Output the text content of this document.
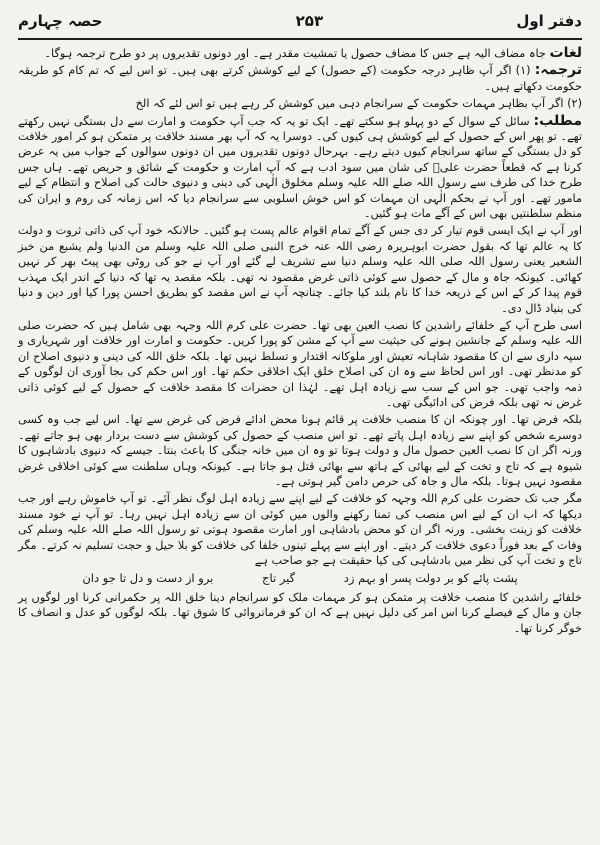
حصہ چہارم	۲۵۳	دفتر اول

لغات جاہ مضاف الیہ ہے جس کا مضاف حصول یا تمشیت مقدر ہے۔ اور دونوں تقدیروں پر دو طرح ترجمہ ہوگا۔

ترجمہ: (۱) اگر آپ ظاہر درجہ حکومت (کے حصول) کے لیے کوشش کرتے بھی ہیں۔ تو اس لیے کہ تم کام کو طریقہ حکومت دکھاتے ہیں۔

(۲) اگر آپ بظاہر مہمات حکومت کے سرانجام دہی میں کوشش کر رہے ہیں تو اس لئے کہ الخ

مطلب: سائل کے سوال کے دو پہلو ہو سکتے تھے۔ ایک تو یہ کہ جب آپ حکومت و امارت سے دل بستگی نہیں رکھتے تھے۔ تو پھر اس کے حصول کے لیے کوشش ہی کیوں کی۔ دوسرا یہ کہ آپ بھر مسند خلافت پر متمکن ہو کر امور خلافت کو دل بستگی کے ساتھ سرانجام کیوں دیتے رہے۔ بہرحال دونوں تقدیروں میں ان دونوں سوالوں کے جواب میں یہ عرض کرنا ہے کہ قطعاً حضرت علیؓ کی شان میں سود ادب ہے کہ آپ امارت و حکومت کے شائق و حریص تھے۔ ہاں جس طرح خدا کی طرف سے رسول اللہ صلے اللہ علیہ وسلم مخلوق الٰہی کی دینی و دنیوی حالت کی اصلاح و انتظام کے لیے مامور تھے۔ اور آپ نے بحکم الٰہی ان مہمات کو اس خوش اسلوبی سے سرانجام دیا کہ اس زمانہ کی روم و ایران کی منظم سلطنتیں بھی اس کے آگے مات ہو گئیں۔

اور آپ نے ایک ایسی قوم تیار کر دی جس کے آگے تمام اقوام عالم پست ہو گئیں۔ حالانکہ خود آپ کی ذاتی ثروت و دولت کا یہ عالم تھا کہ بقول حضرت ابوہریرہ رضی اللہ عنہ خرج النبی صلی اللہ علیہ وسلم من الدنیا ولم یشبع من خبز الشعیر یعنی رسول اللہ صلی اللہ علیہ وسلم دنیا سے تشریف لے گئے اور آپ نے جو کی روٹی بھی پیٹ بھر کر نہیں کھائی۔ کیونکہ جاہ و مال کے حصول سے کوئی ذاتی غرض مقصود نہ تھی۔ بلکہ مقصد یہ تھا کہ دنیا کے اندر ایک مہذب قوم پیدا کر کے اس کے ذریعہ خدا کا نام بلند کیا جائے۔ چنانچہ آپ نے اس مقصد کو بطریق احسن پورا کیا اور دین و دنیا کی بنیاد ڈال دی۔

اسی طرح آپ کے خلفائے راشدین کا نصب العین بھی تھا۔ حضرت علی کرم اللہ وجہہ بھی شامل ہیں کہ حضرت صلی اللہ علیہ وسلم کے جانشین ہونے کی حیثیت سے آپ کے مشن کو پورا کریں۔ حکومت و امارت اور خلافت اور شہریاری و سپہ داری سے ان کا مقصود شاہانہ تعیش اور ملوکانہ اقتدار و تسلط نہیں تھا۔ بلکہ خلق اللہ کی دینی و دنیوی اصلاح ان کو مدنظر تھی۔ اور اس لحاظ سے وہ ان کی اصلاح خلق ایک اخلاقی حکم تھا۔ اور اس حکم کی بجا آوری ان لوگوں کے ذمہ واجب تھی۔ جو اس کے سب سے زیادہ اہل تھے۔ لہٰذا ان حضرات کا مقصد خلافت کے حصول کے لیے کوئی ذاتی غرض نہ تھی بلکہ فرض کی ادائیگی تھی۔

بلکہ فرض تھا۔ اور چونکہ ان کا منصب خلافت پر قائم ہونا محض ادائے فرض کی غرض سے تھا۔ اس لیے جب وہ کسی دوسرے شخص کو اپنے سے زیادہ اہل پاتے تھے۔ تو اس منصب کے حصول کی کوشش سے دست بردار بھی ہو جاتے تھے۔ ورنہ اگر ان کا نصب العین حصول مال و دولت ہوتا تو وہ ان میں خانہ جنگی کا باعث بنتا۔ جیسے کہ دنیوی بادشاہوں کا شیوہ ہے کہ تاج و تخت کے لیے بھائی کے ہاتھ سے بھائی قتل ہو جاتا ہے۔ کیونکہ وہاں سلطنت سے کوئی اخلاقی غرض مقصود نہیں ہوتا۔ بلکہ مال و جاہ کی حرص دامن گیر ہوتی ہے۔

مگر جب تک حضرت علی کرم اللہ وجہہ کو خلافت کے لیے اپنے سے زیادہ اہل لوگ نظر آئے۔ تو آپ خاموش رہے اور جب دیکھا کہ اب ان کے لیے اس منصب کی تمنا رکھنے والوں میں کوئی ان سے زیادہ اہل نہیں رہا۔ تو آپ نے خود مسند خلافت کو زینت بخشی۔ ورنہ اگر ان کو محض بادشاہی اور امارت مقصود ہوتی تو رسول اللہ صلے اللہ علیہ وسلم کی وفات کے بعد فوراً دعوی خلافت کر دیتے۔ اور اپنے سے پہلے تینوں خلفا کی خلافت کو بلا حیل و حجت تسلیم نہ کرتے۔ مگر تاج و تخت آپ کی نظر میں بادشاہی کی کیا حقیقت ہے جو صاحب ہے

پشت پائے کو بر دولت پسر او بہم زد
گیر تاج
برو از دست و دل تا جو دان

خلفائے راشدین کا منصب خلافت پر متمکن ہو کر مہمات ملک کو سرانجام دینا خلق اللہ پر حکمرانی کرنا اور لوگوں پر جان و مال کے فیصلے کرنا اس امر کی دلیل نہیں ہے کہ ان کو فرمانروائی کا شوق تھا۔ بلکہ لوگوں کو عدل و انصاف کا خوگر کرنا تھا۔
